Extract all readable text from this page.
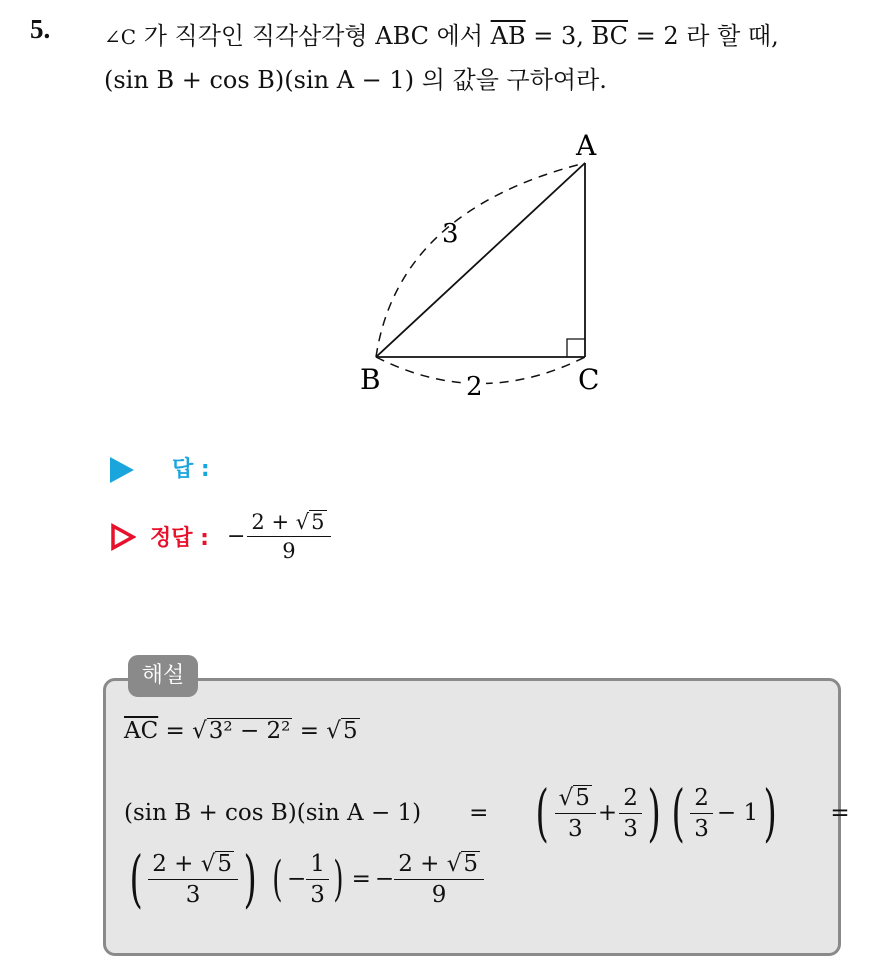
5.	∠C 가 직각인 직각삼각형 ABC 에서 $\overline{AB} = 3$, $\overline{BC} = 2$ 라 할 때,
(sin B + cos B)(sin A − 1) 의 값을 구하여라.
A
B	C
3
2
답 :
정답 : − $\frac{2 + √ 5}{9}$
해설
$\overline{AC}$ = √ 3² − 2² = √ 5
(sin B + cos B)(sin A − 1) = ( $\frac{√ 5}{3} + \frac{2}{3}$ ) ( $\frac{2}{3} - 1$ ) =
( $\frac{2 + √ 5}{3}$ ) ( − $\frac{1}{3}$ ) = − $\frac{2 + √ 5}{9}$
